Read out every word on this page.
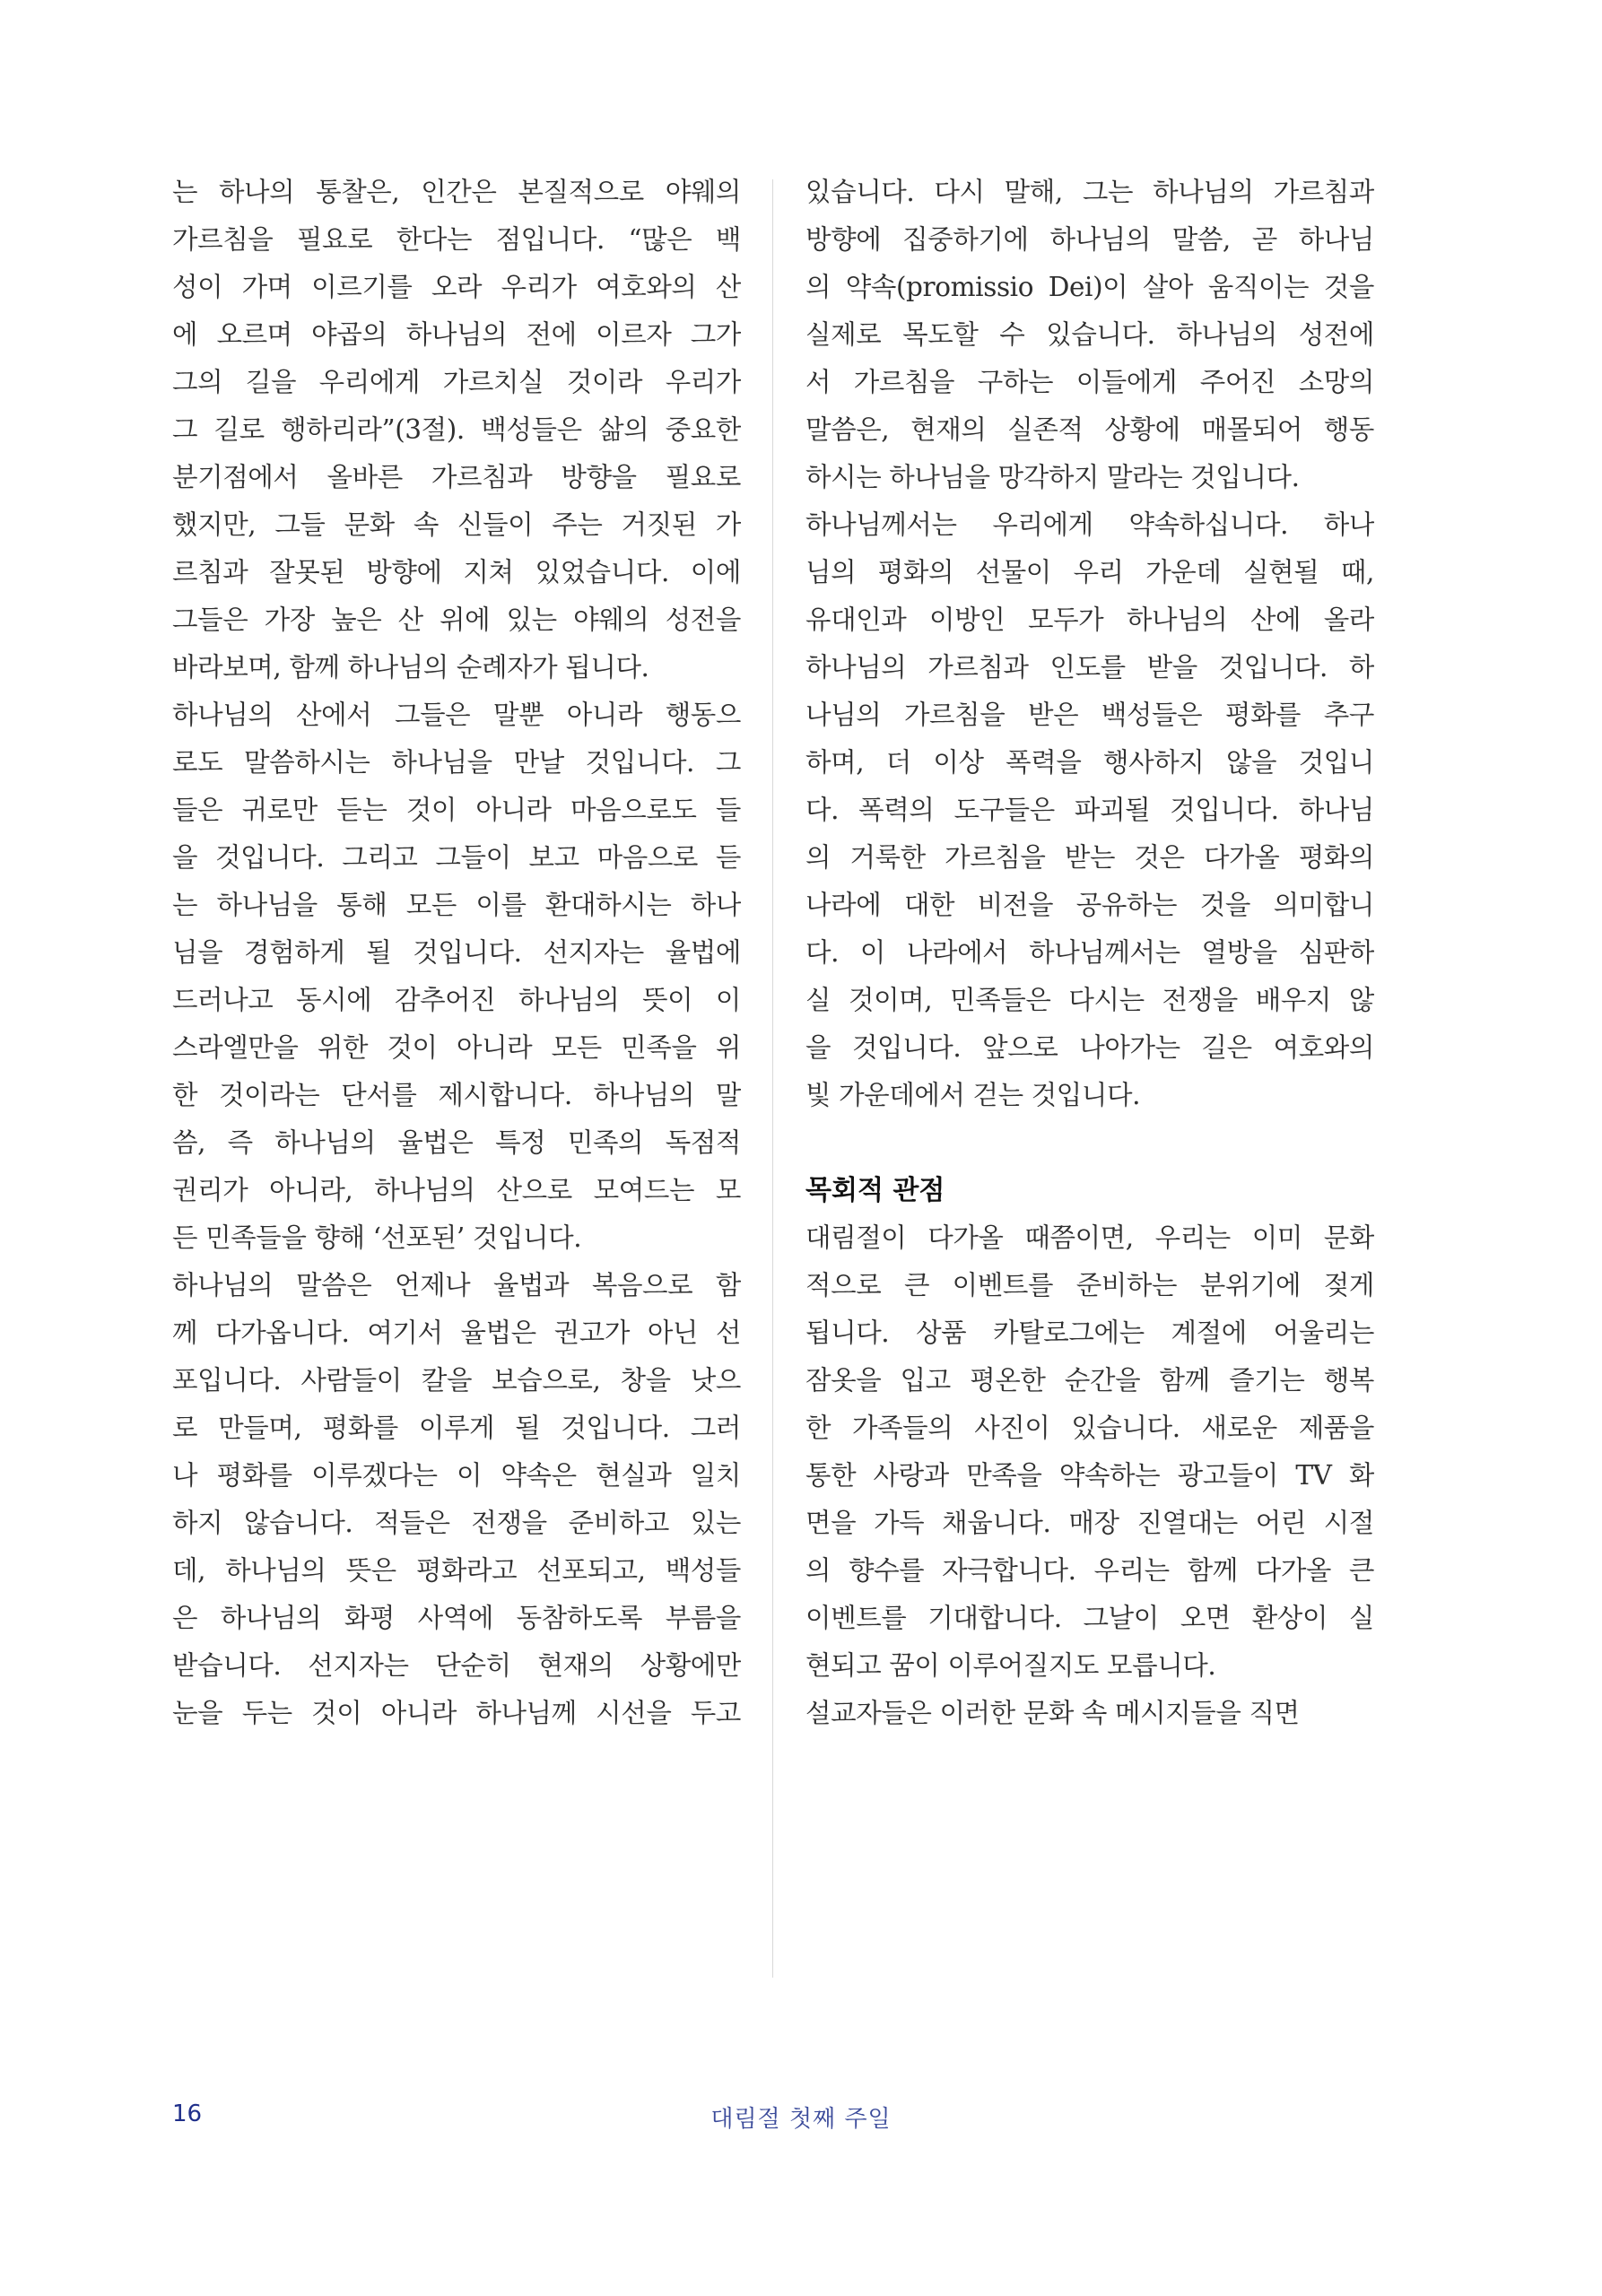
는 하나의 통찰은, 인간은 본질적으로 야웨의
가르침을 필요로 한다는 점입니다. “많은 백
성이 가며 이르기를 오라 우리가 여호와의 산
에 오르며 야곱의 하나님의 전에 이르자 그가
그의 길을 우리에게 가르치실 것이라 우리가
그 길로 행하리라”(3절). 백성들은 삶의 중요한
분기점에서 올바른 가르침과 방향을 필요로
했지만, 그들 문화 속 신들이 주는 거짓된 가
르침과 잘못된 방향에 지쳐 있었습니다. 이에
그들은 가장 높은 산 위에 있는 야웨의 성전을
바라보며, 함께 하나님의 순례자가 됩니다.
하나님의 산에서 그들은 말뿐 아니라 행동으
로도 말씀하시는 하나님을 만날 것입니다. 그
들은 귀로만 듣는 것이 아니라 마음으로도 들
을 것입니다. 그리고 그들이 보고 마음으로 듣
는 하나님을 통해 모든 이를 환대하시는 하나
님을 경험하게 될 것입니다. 선지자는 율법에
드러나고 동시에 감추어진 하나님의 뜻이 이
스라엘만을 위한 것이 아니라 모든 민족을 위
한 것이라는 단서를 제시합니다. 하나님의 말
씀, 즉 하나님의 율법은 특정 민족의 독점적
권리가 아니라, 하나님의 산으로 모여드는 모
든 민족들을 향해 ‘선포된’ 것입니다.
하나님의 말씀은 언제나 율법과 복음으로 함
께 다가옵니다. 여기서 율법은 권고가 아닌 선
포입니다. 사람들이 칼을 보습으로, 창을 낫으
로 만들며, 평화를 이루게 될 것입니다. 그러
나 평화를 이루겠다는 이 약속은 현실과 일치
하지 않습니다. 적들은 전쟁을 준비하고 있는
데, 하나님의 뜻은 평화라고 선포되고, 백성들
은 하나님의 화평 사역에 동참하도록 부름을
받습니다. 선지자는 단순히 현재의 상황에만
눈을 두는 것이 아니라 하나님께 시선을 두고
있습니다. 다시 말해, 그는 하나님의 가르침과
방향에 집중하기에 하나님의 말씀, 곧 하나님
의 약속(promissio Dei)이 살아 움직이는 것을
실제로 목도할 수 있습니다. 하나님의 성전에
서 가르침을 구하는 이들에게 주어진 소망의
말씀은, 현재의 실존적 상황에 매몰되어 행동
하시는 하나님을 망각하지 말라는 것입니다.
하나님께서는 우리에게 약속하십니다. 하나
님의 평화의 선물이 우리 가운데 실현될 때,
유대인과 이방인 모두가 하나님의 산에 올라
하나님의 가르침과 인도를 받을 것입니다. 하
나님의 가르침을 받은 백성들은 평화를 추구
하며, 더 이상 폭력을 행사하지 않을 것입니
다. 폭력의 도구들은 파괴될 것입니다. 하나님
의 거룩한 가르침을 받는 것은 다가올 평화의
나라에 대한 비전을 공유하는 것을 의미합니
다. 이 나라에서 하나님께서는 열방을 심판하
실 것이며, 민족들은 다시는 전쟁을 배우지 않
을 것입니다. 앞으로 나아가는 길은 여호와의
빛 가운데에서 걷는 것입니다.
목회적 관점
대림절이 다가올 때쯤이면, 우리는 이미 문화
적으로 큰 이벤트를 준비하는 분위기에 젖게
됩니다. 상품 카탈로그에는 계절에 어울리는
잠옷을 입고 평온한 순간을 함께 즐기는 행복
한 가족들의 사진이 있습니다. 새로운 제품을
통한 사랑과 만족을 약속하는 광고들이 TV 화
면을 가득 채웁니다. 매장 진열대는 어린 시절
의 향수를 자극합니다. 우리는 함께 다가올 큰
이벤트를 기대합니다. 그날이 오면 환상이 실
현되고 꿈이 이루어질지도 모릅니다.
설교자들은 이러한 문화 속 메시지들을 직면
16	대림절 첫째 주일
